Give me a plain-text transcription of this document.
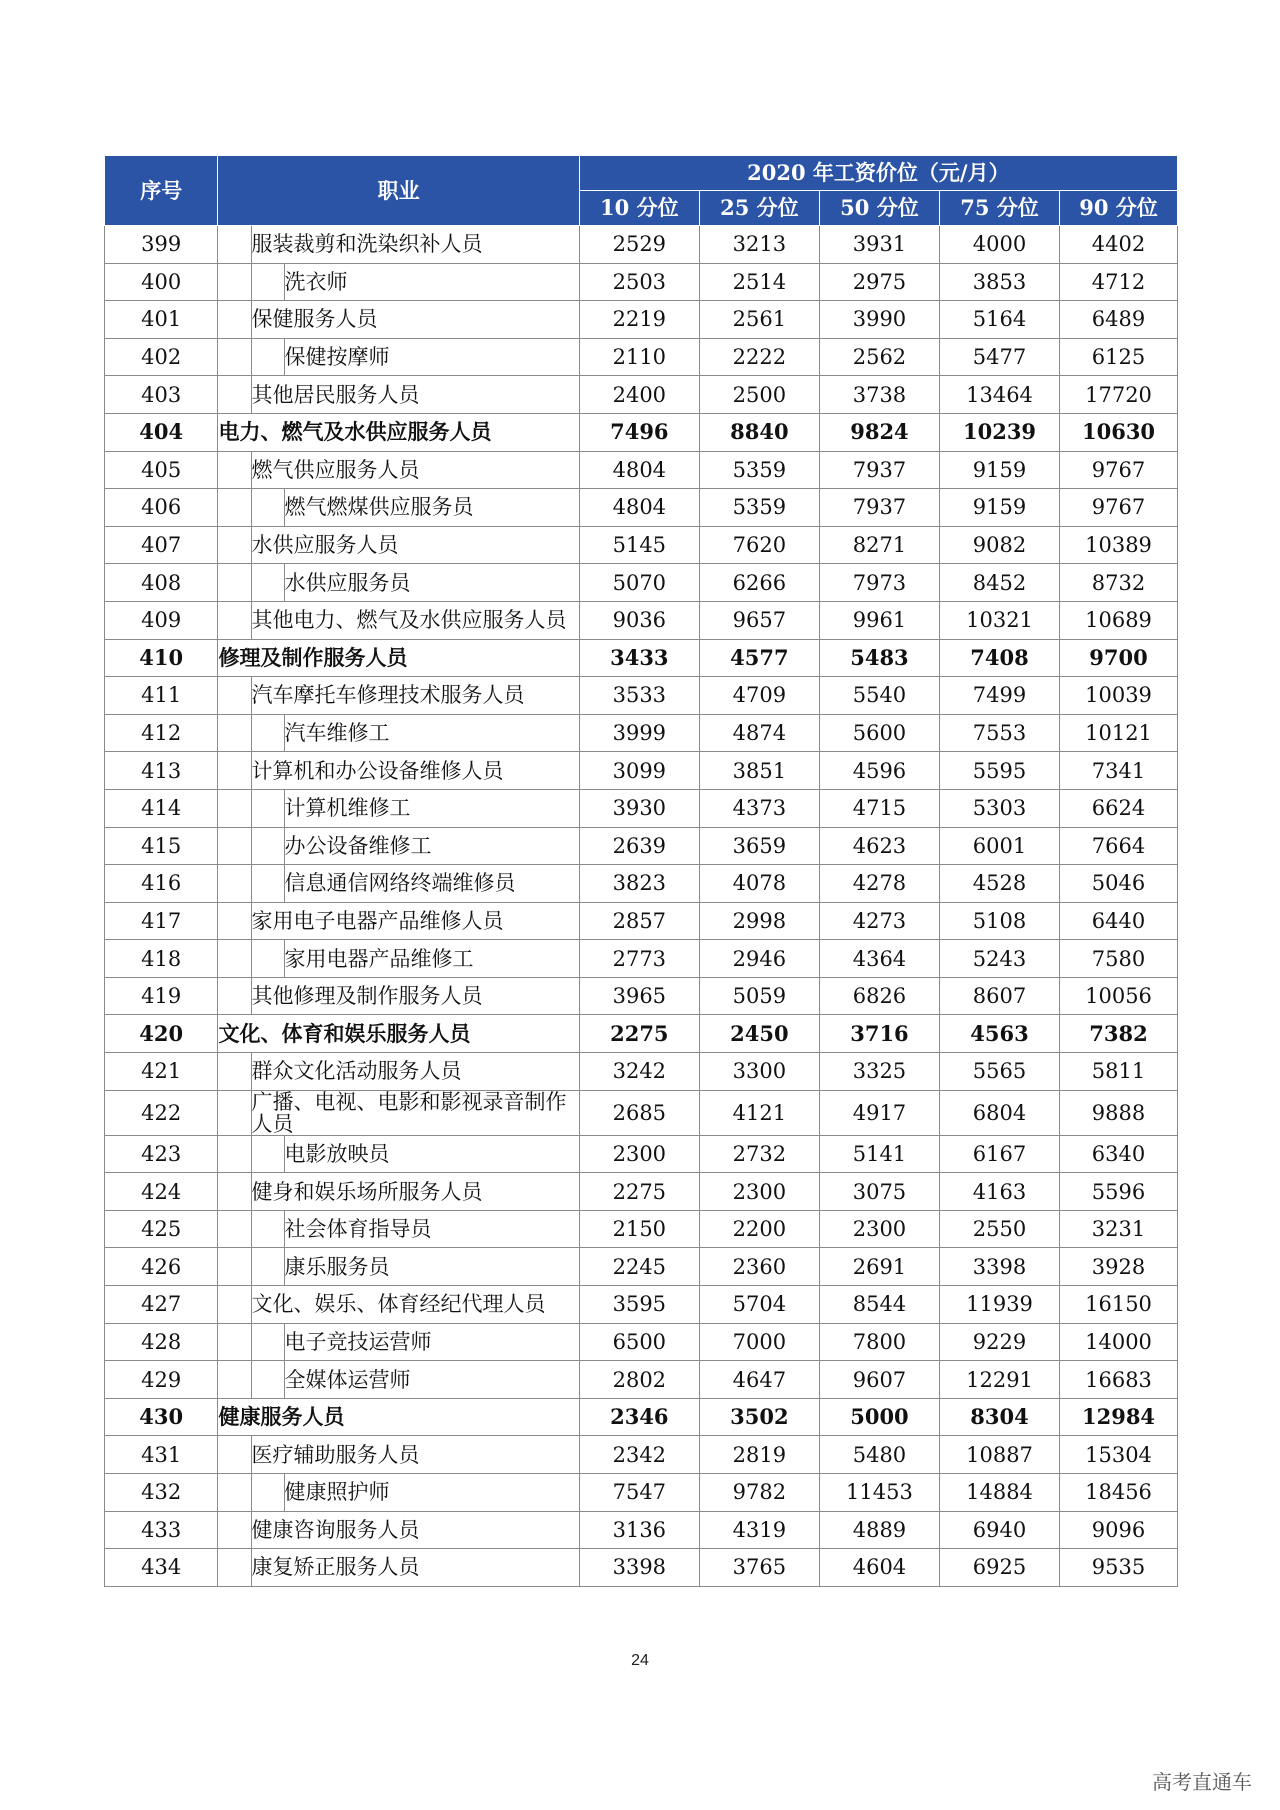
序号	职业			2020 年工资价位（元/月）				
				10 分位	25 分位	50 分位	75 分位	90 分位
399		服装裁剪和洗染织补人员		2529	3213	3931	4000	4402
400			洗衣师	2503	2514	2975	3853	4712
401		保健服务人员		2219	2561	3990	5164	6489
402			保健按摩师	2110	2222	2562	5477	6125
403		其他居民服务人员		2400	2500	3738	13464	17720
404	电力、燃气及水供应服务人员			7496	8840	9824	10239	10630
405		燃气供应服务人员		4804	5359	7937	9159	9767
406			燃气燃煤供应服务员	4804	5359	7937	9159	9767
407		水供应服务人员		5145	7620	8271	9082	10389
408			水供应服务员	5070	6266	7973	8452	8732
409		其他电力、燃气及水供应服务人员		9036	9657	9961	10321	10689
410	修理及制作服务人员			3433	4577	5483	7408	9700
411		汽车摩托车修理技术服务人员		3533	4709	5540	7499	10039
412			汽车维修工	3999	4874	5600	7553	10121
413		计算机和办公设备维修人员		3099	3851	4596	5595	7341
414			计算机维修工	3930	4373	4715	5303	6624
415			办公设备维修工	2639	3659	4623	6001	7664
416			信息通信网络终端维修员	3823	4078	4278	4528	5046
417		家用电子电器产品维修人员		2857	2998	4273	5108	6440
418			家用电器产品维修工	2773	2946	4364	5243	7580
419		其他修理及制作服务人员		3965	5059	6826	8607	10056
420	文化、体育和娱乐服务人员			2275	2450	3716	4563	7382
421		群众文化活动服务人员		3242	3300	3325	5565	5811
422		广播、电视、电影和影视录音制作人员		2685	4121	4917	6804	9888
423			电影放映员	2300	2732	5141	6167	6340
424		健身和娱乐场所服务人员		2275	2300	3075	4163	5596
425			社会体育指导员	2150	2200	2300	2550	3231
426			康乐服务员	2245	2360	2691	3398	3928
427		文化、娱乐、体育经纪代理人员		3595	5704	8544	11939	16150
428			电子竞技运营师	6500	7000	7800	9229	14000
429			全媒体运营师	2802	4647	9607	12291	16683
430	健康服务人员			2346	3502	5000	8304	12984
431		医疗辅助服务人员		2342	2819	5480	10887	15304
432			健康照护师	7547	9782	11453	14884	18456
433		健康咨询服务人员		3136	4319	4889	6940	9096
434		康复矫正服务人员		3398	3765	4604	6925	9535
24
高考直通车
